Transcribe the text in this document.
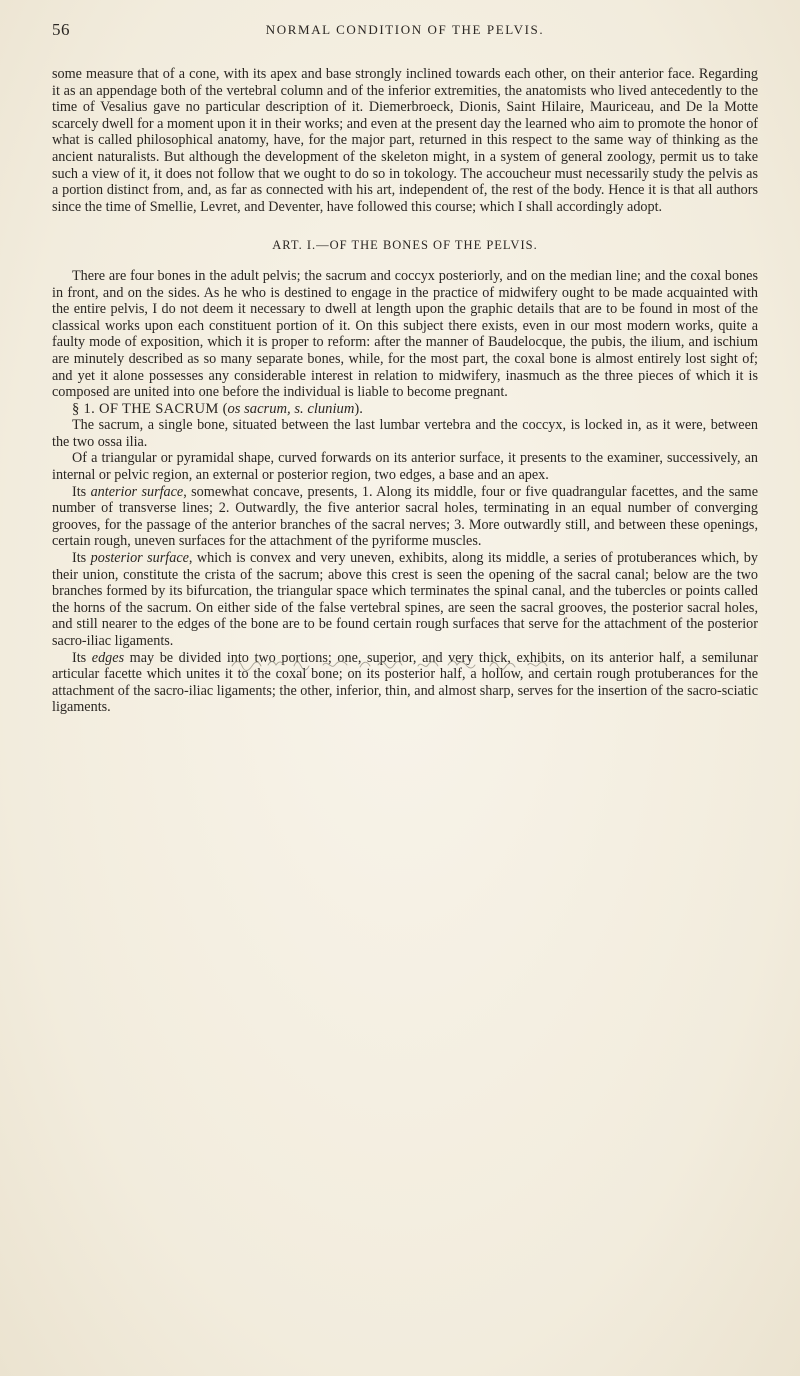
56	NORMAL CONDITION OF THE PELVIS.

some measure that of a cone, with its apex and base strongly inclined towards each other, on their anterior face. Regarding it as an appendage both of the vertebral column and of the inferior extremities, the anatomists who lived antecedently to the time of Vesalius gave no particular description of it. Diemerbroeck, Dionis, Saint Hilaire, Mauriceau, and De la Motte scarcely dwell for a moment upon it in their works; and even at the present day the learned who aim to promote the honor of what is called philosophical anatomy, have, for the major part, returned in this respect to the same way of thinking as the ancient naturalists. But although the development of the skeleton might, in a system of general zoology, permit us to take such a view of it, it does not follow that we ought to do so in tokology. The accoucheur must necessarily study the pelvis as a portion distinct from, and, as far as connected with his art, independent of, the rest of the body. Hence it is that all authors since the time of Smellie, Levret, and Deventer, have followed this course; which I shall accordingly adopt.

ART. I.—OF THE BONES OF THE PELVIS.

There are four bones in the adult pelvis; the sacrum and coccyx posteriorly, and on the median line; and the coxal bones in front, and on the sides. As he who is destined to engage in the practice of midwifery ought to be made acquainted with the entire pelvis, I do not deem it necessary to dwell at length upon the graphic details that are to be found in most of the classical works upon each constituent portion of it. On this subject there exists, even in our most modern works, quite a faulty mode of exposition, which it is proper to reform: after the manner of Baudelocque, the pubis, the ilium, and ischium are minutely described as so many separate bones, while, for the most part, the coxal bone is almost entirely lost sight of; and yet it alone possesses any considerable interest in relation to midwifery, inasmuch as the three pieces of which it is composed are united into one before the individual is liable to become pregnant.

§ 1. OF THE SACRUM (os sacrum, s. clunium).

The sacrum, a single bone, situated between the last lumbar vertebra and the coccyx, is locked in, as it were, between the two ossa ilia.

Of a triangular or pyramidal shape, curved forwards on its anterior surface, it presents to the examiner, successively, an internal or pelvic region, an external or posterior region, two edges, a base and an apex.

Its anterior surface, somewhat concave, presents, 1. Along its middle, four or five quadrangular facettes, and the same number of transverse lines; 2. Outwardly, the five anterior sacral holes, terminating in an equal number of converging grooves, for the passage of the anterior branches of the sacral nerves; 3. More outwardly still, and between these openings, certain rough, uneven surfaces for the attachment of the pyriforme muscles.

Its posterior surface, which is convex and very uneven, exhibits, along its middle, a series of protuberances which, by their union, constitute the crista of the sacrum; above this crest is seen the opening of the sacral canal; below are the two branches formed by its bifurcation, the triangular space which terminates the spinal canal, and the tubercles or points called the horns of the sacrum. On either side of the false vertebral spines, are seen the sacral grooves, the posterior sacral holes, and still nearer to the edges of the bone are to be found certain rough surfaces that serve for the attachment of the posterior sacro-iliac ligaments.

Its edges may be divided into two portions; one, superior, and very thick, exhibits, on its anterior half, a semilunar articular facette which unites it to the coxal bone; on its posterior half, a hollow, and certain rough protuberances for the attachment of the sacro-iliac ligaments; the other, inferior, thin, and almost sharp, serves for the insertion of the sacro-sciatic ligaments.
